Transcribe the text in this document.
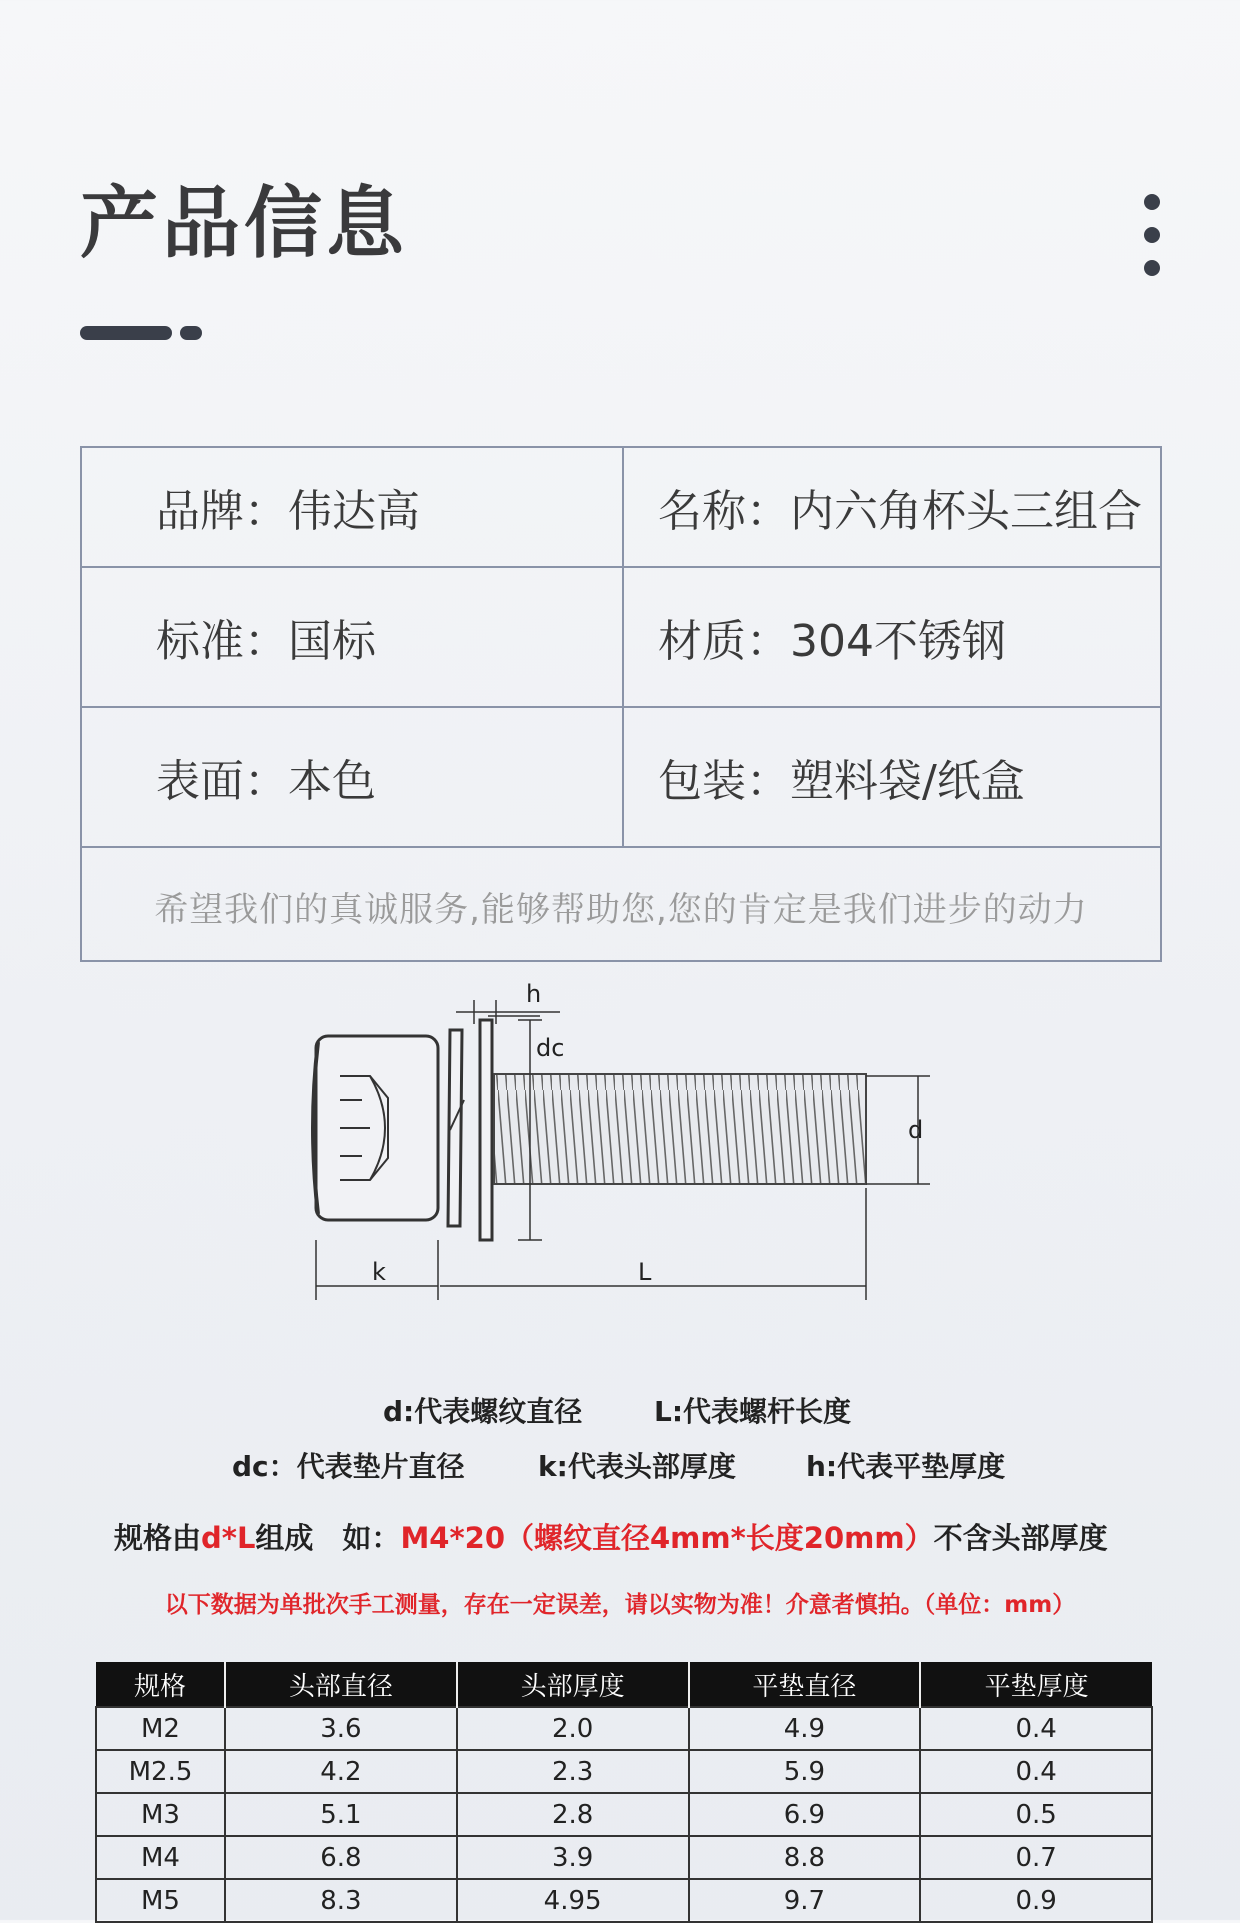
产品信息
品牌：伟达高	名称：内六角杯头三组合
标准：国标	材质：304不锈钢
表面：本色	包装：塑料袋/纸盒
希望我们的真诚服务,能够帮助您,您的肯定是我们进步的动力
h
dc
d
k	L
d:代表螺纹直径	L:代表螺杆长度
dc：代表垫片直径	k:代表头部厚度	h:代表平垫厚度
规格由d*L组成　如：M4*20（螺纹直径4mm*长度20mm）不含头部厚度
以下数据为单批次手工测量，存在一定误差，请以实物为准！介意者慎拍。（单位：mm）
规格	头部直径	头部厚度	平垫直径	平垫厚度
M2	3.6	2.0	4.9	0.4
M2.5	4.2	2.3	5.9	0.4
M3	5.1	2.8	6.9	0.5
M4	6.8	3.9	8.8	0.7
M5	8.3	4.95	9.7	0.9
